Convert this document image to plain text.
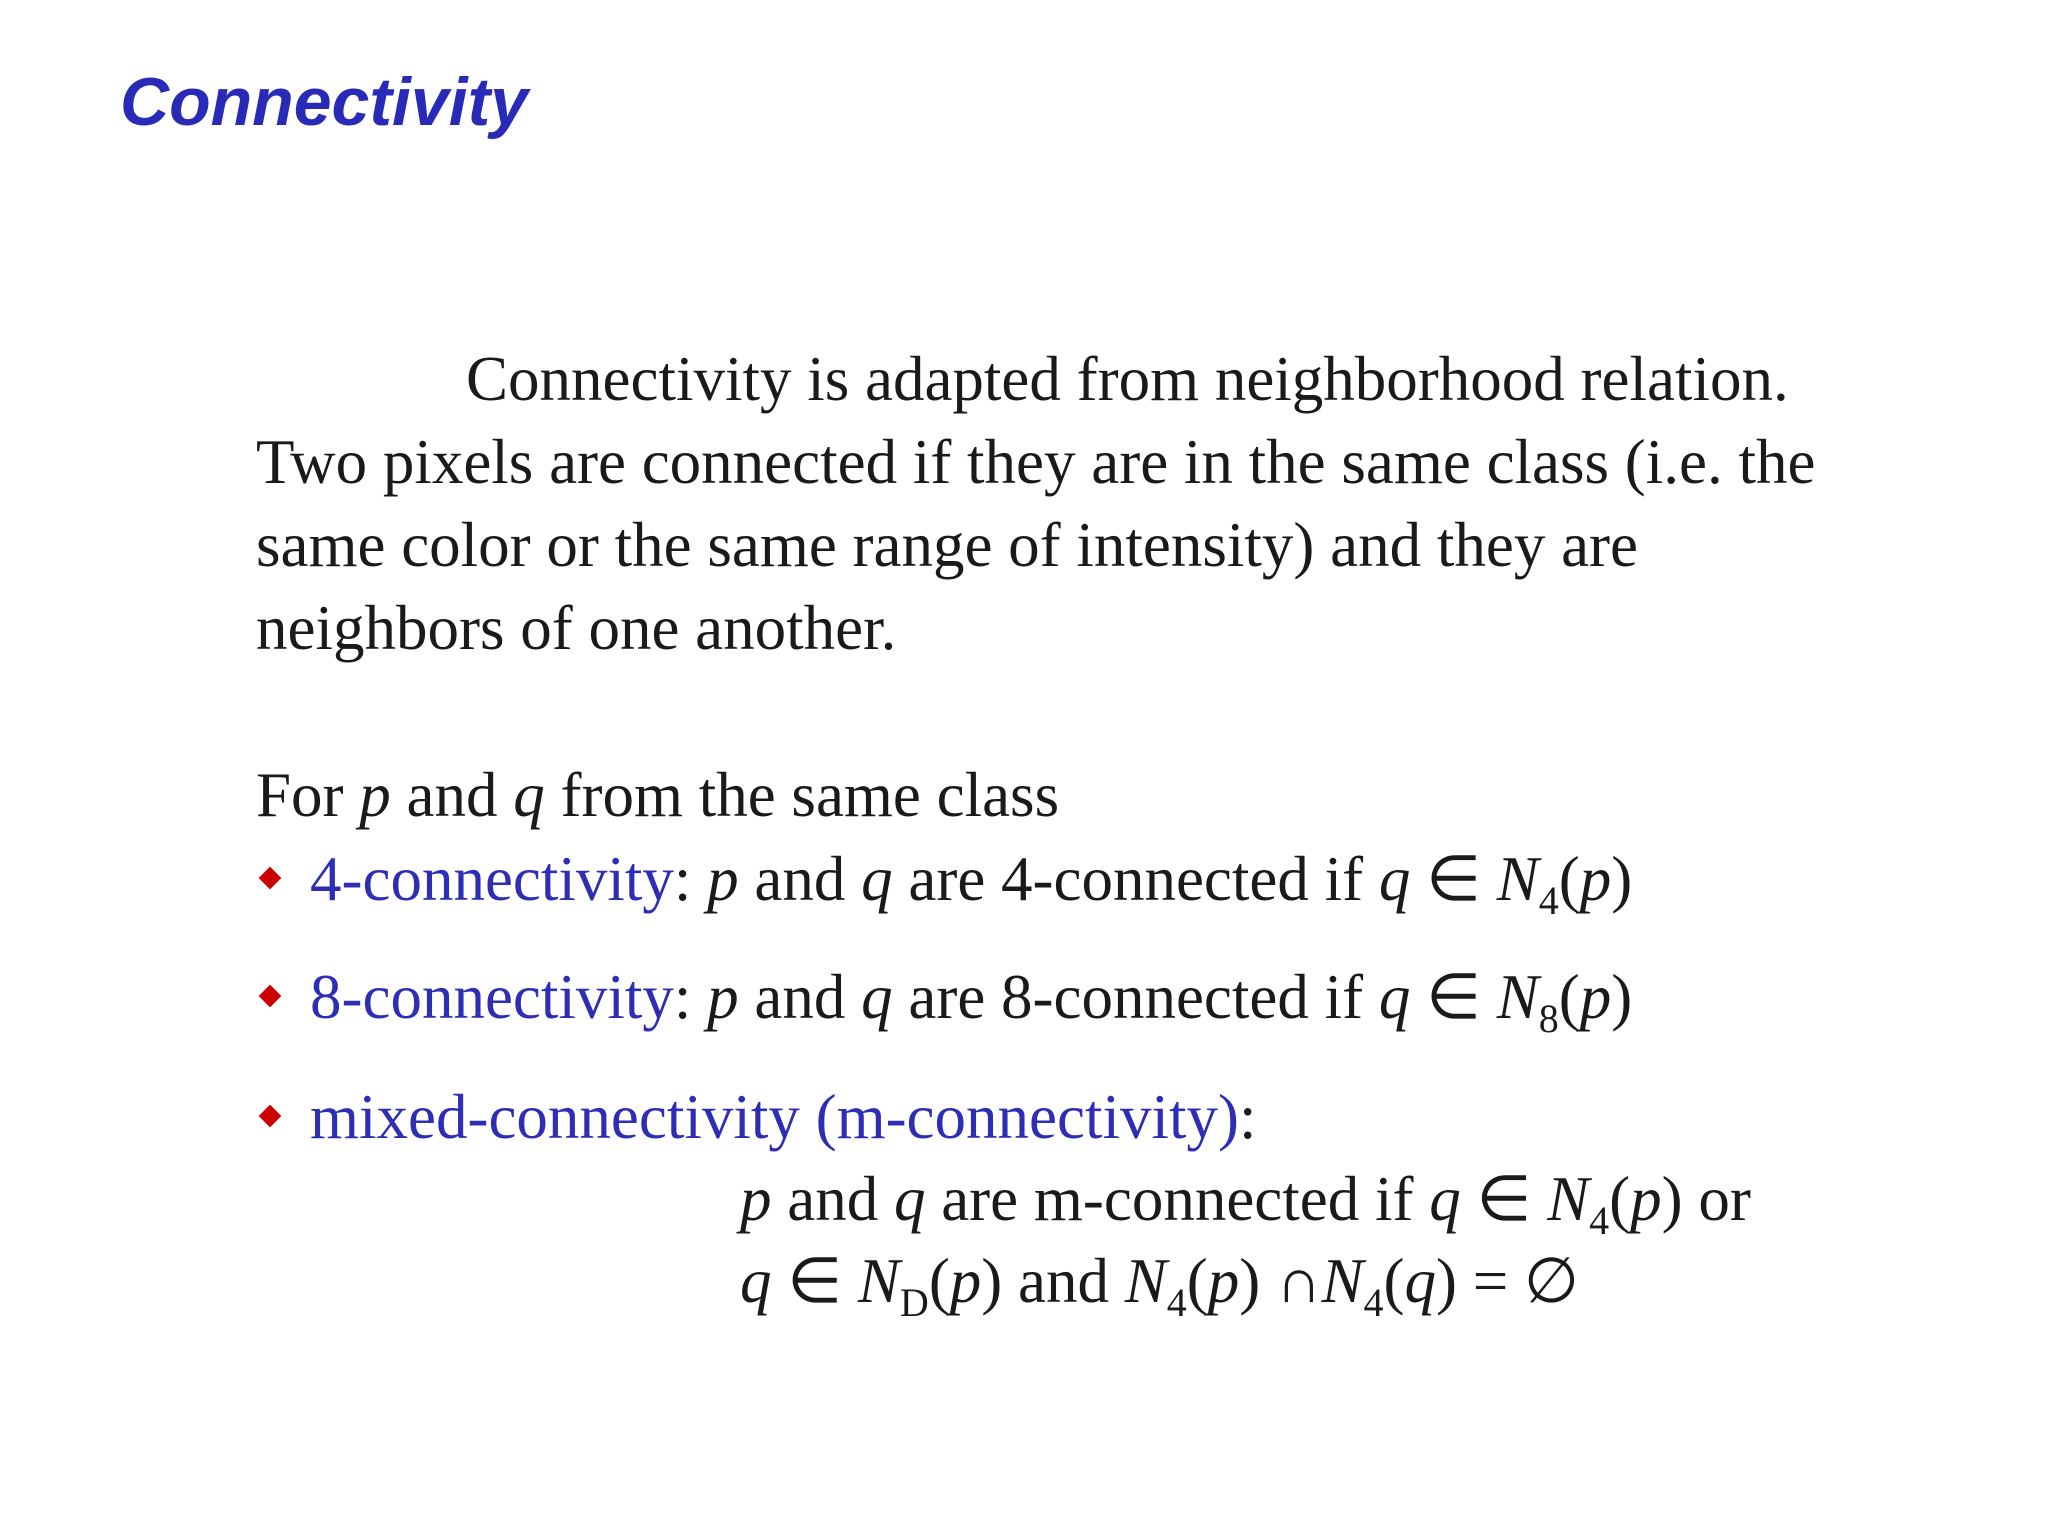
Connectivity

Connectivity is adapted from neighborhood relation.
Two pixels are connected if they are in the same class (i.e. the
same color or the same range of intensity) and they are
neighbors of one another.

For p and q from the same class

4-connectivity: p and q are 4-connected if q ∈ $N_4(p)$
8-connectivity: p and q are 8-connected if q ∈ $N_8(p)$
mixed-connectivity (m-connectivity):
p and q are m-connected if q ∈ $N_4(p)$ or
q ∈ $N_D(p)$ and $N_4(p)$ $\cap N_4(q)$ = ∅
